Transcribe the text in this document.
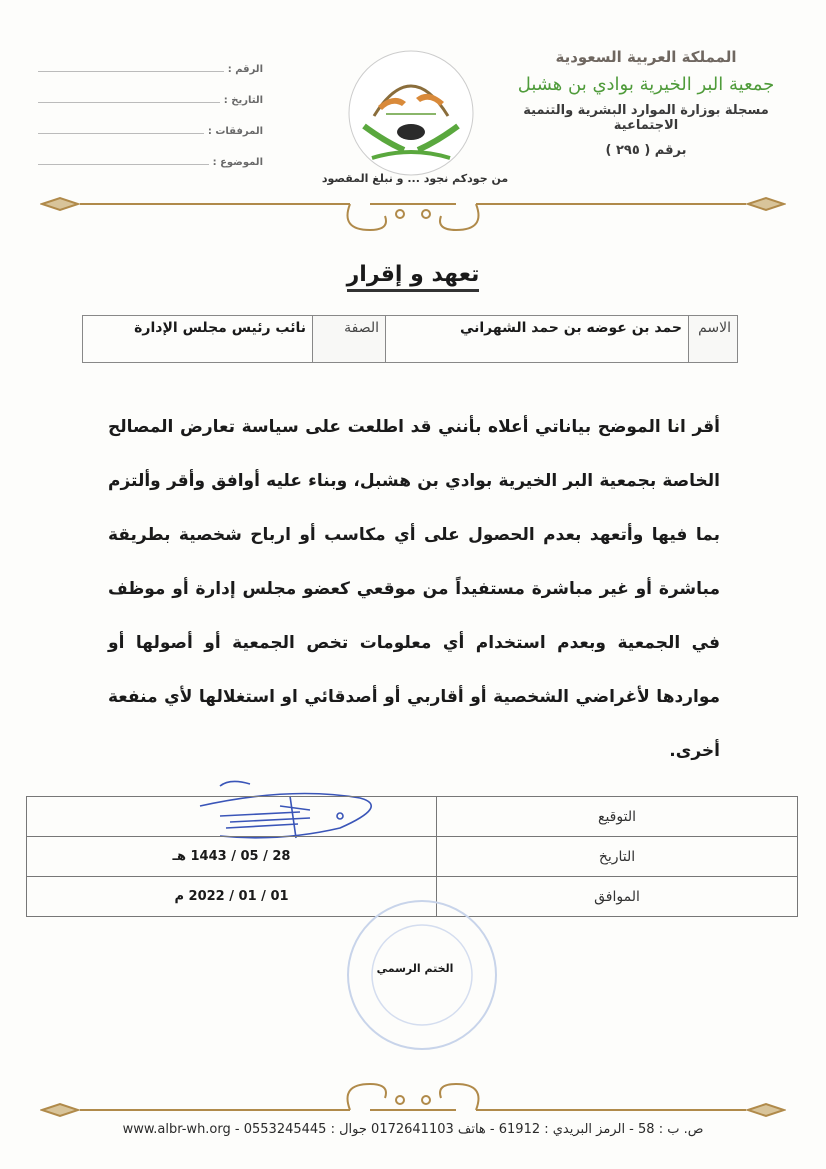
المملكة العربية السعودية
جمعية البر الخيرية بوادي بن هشبل
مسجلة بوزارة الموارد البشرية والتنمية الاجتماعية
برقم ( ٢٩٥ )
الرقم :
التاريخ :
المرفقات :
الموضوع :
من جودكم نجود ... و نبلغ المقصود
تعهد و إقرار
الاسم	حمد بن عوضه بن حمد الشهراني	الصفة	نائب رئيس مجلس الإدارة
أقر انا الموضح بياناتي أعلاه بأنني قد اطلعت على سياسة تعارض المصالح الخاصة بجمعية البر الخيرية بوادي بن هشبل، وبناء عليه أوافق وأقر وألتزم بما فيها وأتعهد بعدم الحصول على أي مكاسب أو ارباح شخصية بطريقة مباشرة أو غير مباشرة مستفيداً من موقعي كعضو مجلس إدارة أو موظف في الجمعية وبعدم استخدام أي معلومات تخص الجمعية أو أصولها أو مواردها لأغراضي الشخصية أو أقاربي أو أصدقائي او استغلالها لأي منفعة أخرى.
التوقيع	
التاريخ	28 / 05 / 1443 هـ
الموافق	01 / 01 / 2022 م
الختم الرسمي
ص. ب : 58 - الرمز البريدي : 61912 - هاتف 0172641103 جوال : 0553245445 - www.albr-wh.org
